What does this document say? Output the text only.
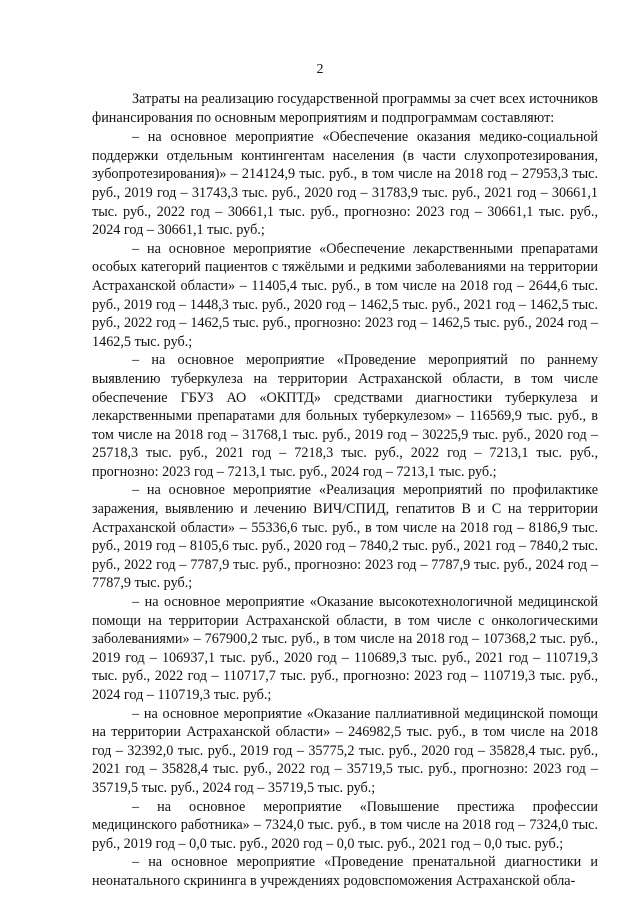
2

Затраты на реализацию государственной программы за счет всех источников финансирования по основным мероприятиям и подпрограммам составляют:

– на основное мероприятие «Обеспечение оказания медико-социальной поддержки отдельным контингентам населения (в части слухопротезирования, зубопротезирования)» – 214124,9 тыс. руб., в том числе на 2018 год – 27953,3 тыс. руб., 2019 год – 31743,3 тыс. руб., 2020 год – 31783,9 тыс. руб., 2021 год – 30661,1 тыс. руб., 2022 год – 30661,1 тыс. руб., прогнозно: 2023 год – 30661,1 тыс. руб., 2024 год – 30661,1 тыс. руб.;

– на основное мероприятие «Обеспечение лекарственными препаратами особых категорий пациентов с тяжёлыми и редкими заболеваниями на территории Астраханской области» – 11405,4 тыс. руб., в том числе на 2018 год – 2644,6 тыс. руб., 2019 год – 1448,3 тыс. руб., 2020 год – 1462,5 тыс. руб., 2021 год – 1462,5 тыс. руб., 2022 год – 1462,5 тыс. руб., прогнозно: 2023 год – 1462,5 тыс. руб., 2024 год – 1462,5 тыс. руб.;

– на основное мероприятие «Проведение мероприятий по раннему выявлению туберкулеза на территории Астраханской области, в том числе обеспечение ГБУЗ АО «ОКПТД» средствами диагностики туберкулеза и лекарственными препаратами для больных туберкулезом» – 116569,9 тыс. руб., в том числе на 2018 год – 31768,1 тыс. руб., 2019 год – 30225,9 тыс. руб., 2020 год – 25718,3 тыс. руб., 2021 год – 7218,3 тыс. руб., 2022 год – 7213,1 тыс. руб., прогнозно: 2023 год – 7213,1 тыс. руб., 2024 год – 7213,1 тыс. руб.;

– на основное мероприятие «Реализация мероприятий по профилактике заражения, выявлению и лечению ВИЧ/СПИД, гепатитов В и С на территории Астраханской области» – 55336,6 тыс. руб., в том числе на 2018 год – 8186,9 тыс. руб., 2019 год – 8105,6 тыс. руб., 2020 год – 7840,2 тыс. руб., 2021 год – 7840,2 тыс. руб., 2022 год – 7787,9 тыс. руб., прогнозно: 2023 год – 7787,9 тыс. руб., 2024 год – 7787,9 тыс. руб.;

– на основное мероприятие «Оказание высокотехнологичной медицинской помощи на территории Астраханской области, в том числе с онкологическими заболеваниями» – 767900,2 тыс. руб., в том числе на 2018 год – 107368,2 тыс. руб., 2019 год – 106937,1 тыс. руб., 2020 год – 110689,3 тыс. руб., 2021 год – 110719,3 тыс. руб., 2022 год – 110717,7 тыс. руб., прогнозно: 2023 год – 110719,3 тыс. руб., 2024 год – 110719,3 тыс. руб.;

– на основное мероприятие «Оказание паллиативной медицинской помощи на территории Астраханской области» – 246982,5 тыс. руб., в том числе на 2018 год – 32392,0 тыс. руб., 2019 год – 35775,2 тыс. руб., 2020 год – 35828,4 тыс. руб., 2021 год – 35828,4 тыс. руб., 2022 год – 35719,5 тыс. руб., прогнозно: 2023 год – 35719,5 тыс. руб., 2024 год – 35719,5 тыс. руб.;

– на основное мероприятие «Повышение престижа профессии медицинского работника» – 7324,0 тыс. руб., в том числе на 2018 год – 7324,0 тыс. руб., 2019 год – 0,0 тыс. руб., 2020 год – 0,0 тыс. руб., 2021 год – 0,0 тыс. руб.;

– на основное мероприятие «Проведение пренатальной диагностики и неонатального скрининга в учреждениях родовспоможения Астраханской обла-
